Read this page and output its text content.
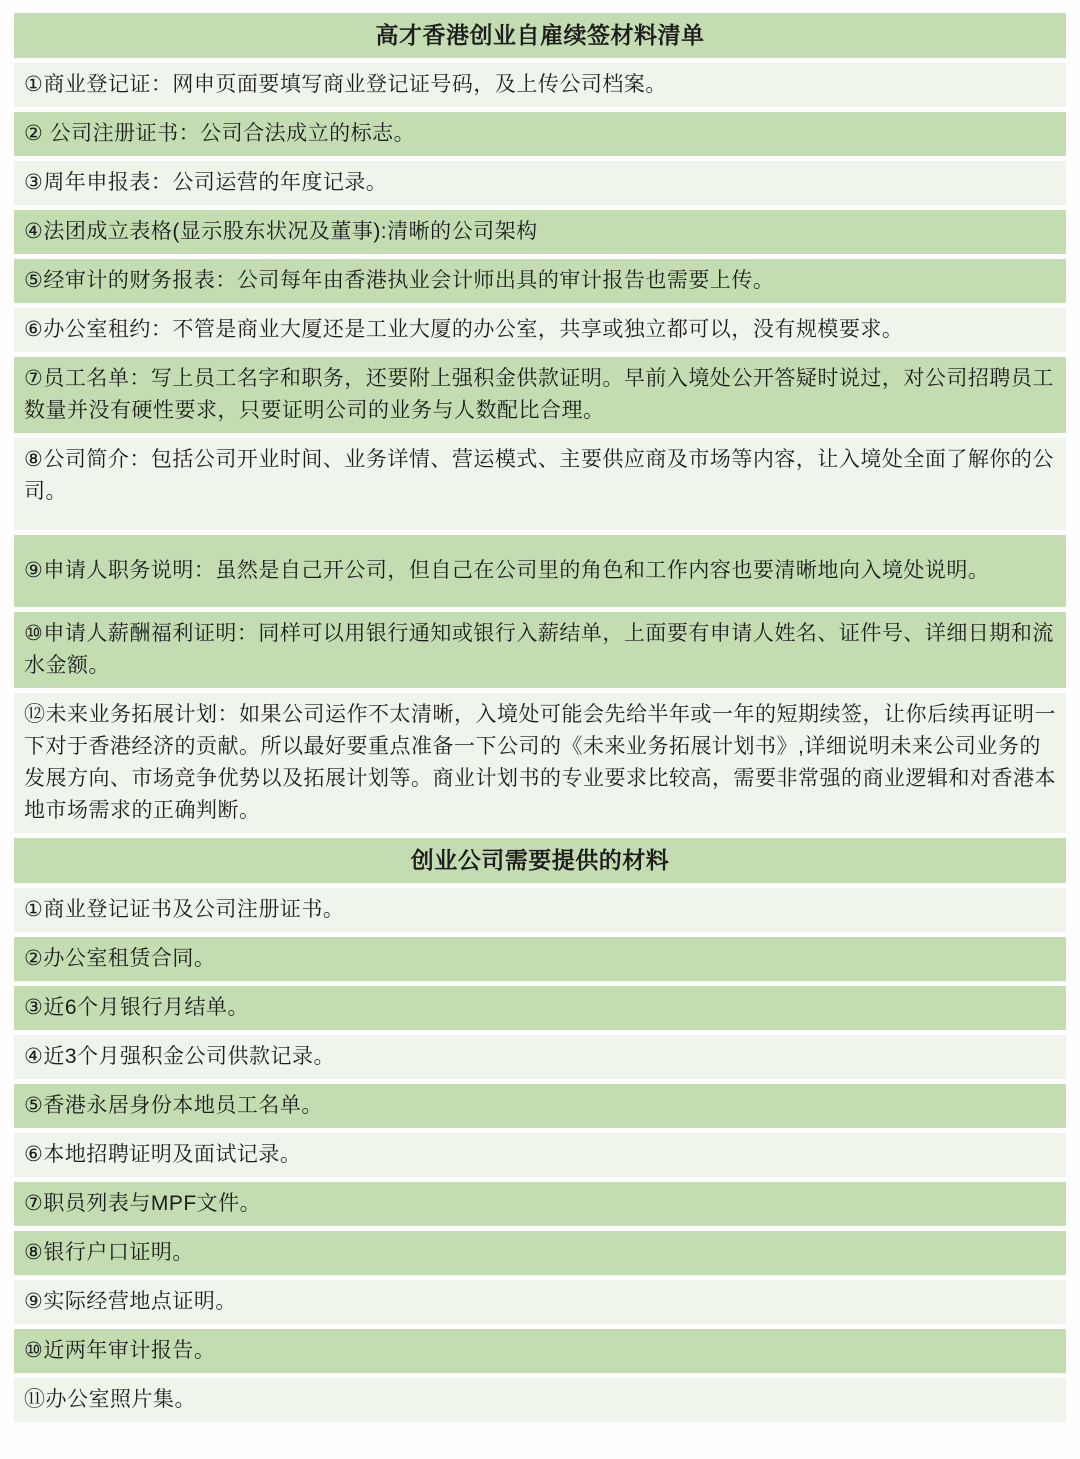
高才香港创业自雇续签材料清单

①商业登记证：网申页面要填写商业登记证号码，及上传公司档案。

② 公司注册证书：公司合法成立的标志。

③周年申报表：公司运营的年度记录。

④法团成立表格(显示股东状况及董事):清晰的公司架构

⑤经审计的财务报表：公司每年由香港执业会计师出具的审计报告也需要上传。

⑥办公室租约：不管是商业大厦还是工业大厦的办公室，共享或独立都可以，没有规模要求。

⑦员工名单：写上员工名字和职务，还要附上强积金供款证明。早前入境处公开答疑时说过，对公司招聘员工数量并没有硬性要求，只要证明公司的业务与人数配比合理。

⑧公司简介：包括公司开业时间、业务详情、营运模式、主要供应商及市场等内容，让入境处全面了解你的公司。

⑨申请人职务说明：虽然是自己开公司，但自己在公司里的角色和工作内容也要清晰地向入境处说明。

⑩申请人薪酬福利证明：同样可以用银行通知或银行入薪结单，上面要有申请人姓名、证件号、详细日期和流水金额。

⑫未来业务拓展计划：如果公司运作不太清晰，入境处可能会先给半年或一年的短期续签，让你后续再证明一下对于香港经济的贡献。所以最好要重点准备一下公司的《未来业务拓展计划书》,详细说明未来公司业务的发展方向、市场竞争优势以及拓展计划等。商业计划书的专业要求比较高，需要非常强的商业逻辑和对香港本地市场需求的正确判断。

创业公司需要提供的材料

①商业登记证书及公司注册证书。

②办公室租赁合同。

③近6个月银行月结单。

④近3个月强积金公司供款记录。

⑤香港永居身份本地员工名单。

⑥本地招聘证明及面试记录。

⑦职员列表与MPF文件。

⑧银行户口证明。

⑨实际经营地点证明。

⑩近两年审计报告。

⑪办公室照片集。
